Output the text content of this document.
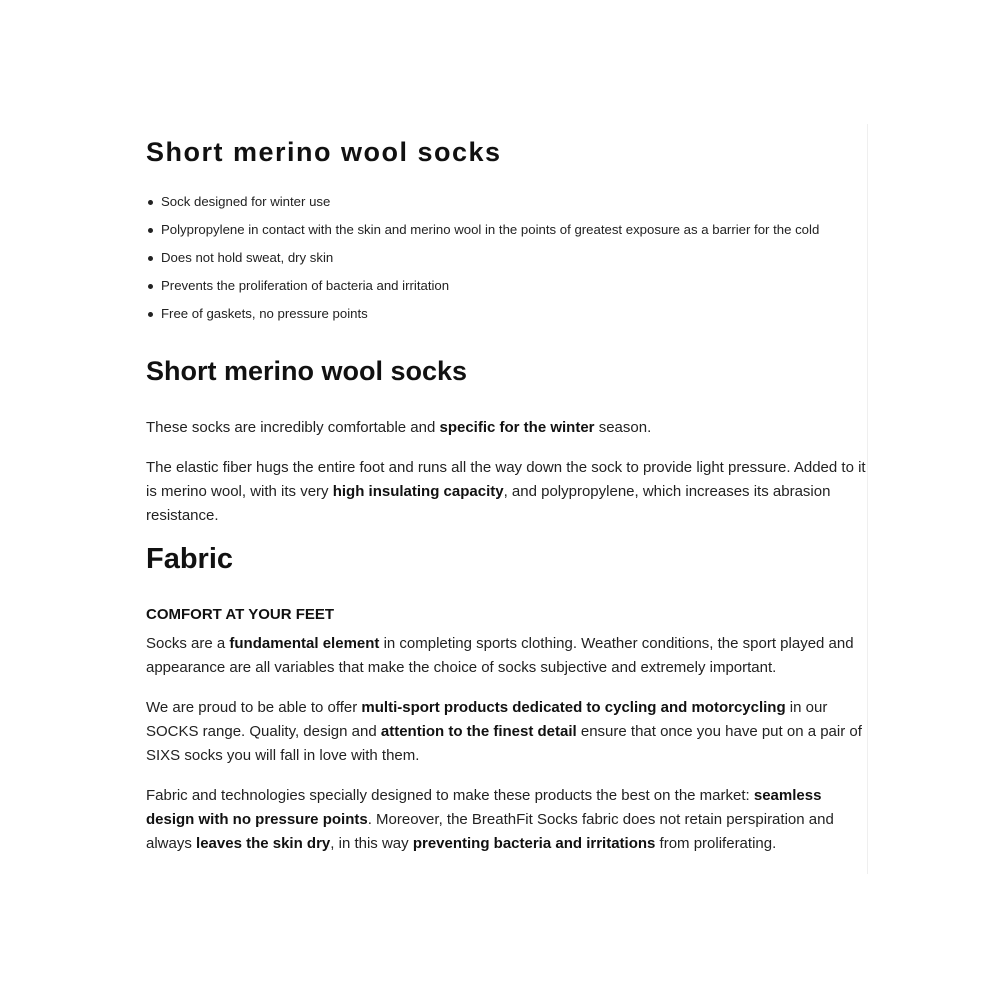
Short merino wool socks
Sock designed for winter use
Polypropylene in contact with the skin and merino wool in the points of greatest exposure as a barrier for the cold
Does not hold sweat, dry skin
Prevents the proliferation of bacteria and irritation
Free of gaskets, no pressure points
Short merino wool socks

These socks are incredibly comfortable and specific for the winter season.

The elastic fiber hugs the entire foot and runs all the way down the sock to provide light pressure. Added to it is merino wool, with its very high insulating capacity, and polypropylene, which increases its abrasion resistance.

Fabric
COMFORT AT YOUR FEET

Socks are a fundamental element in completing sports clothing. Weather conditions, the sport played and appearance are all variables that make the choice of socks subjective and extremely important.

We are proud to be able to offer multi‑sport products dedicated to cycling and motorcycling in our SOCKS range. Quality, design and attention to the finest detail ensure that once you have put on a pair of SIXS socks you will fall in love with them.

Fabric and technologies specially designed to make these products the best on the market: seamless design with no pressure points. Moreover, the BreathFit Socks fabric does not retain perspiration and always leaves the skin dry, in this way preventing bacteria and irritations from proliferating.
